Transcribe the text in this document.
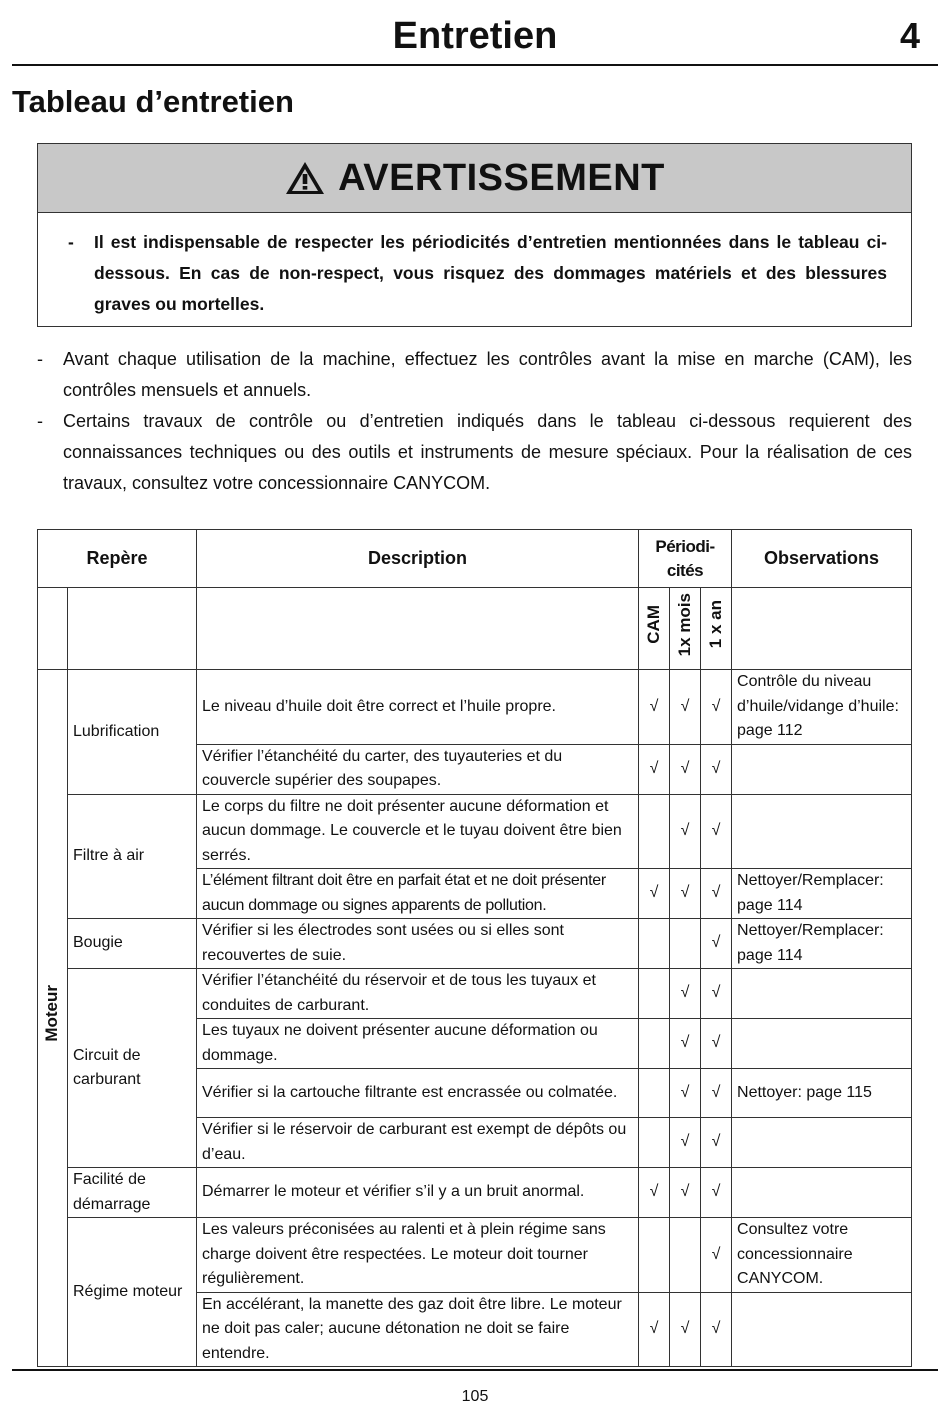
Entretien	4
Tableau d’entretien
AVERTISSEMENT
- Il est indispensable de respecter les périodicités d’entretien mentionnées dans le tableau ci-dessous. En cas de non-respect, vous risquez des dommages matériels et des blessures graves ou mortelles.
- Avant chaque utilisation de la machine, effectuez les contrôles avant la mise en marche (CAM), les contrôles mensuels et annuels.
- Certains travaux de contrôle ou d’entretien indiqués dans le tableau ci-dessous requierent des connaissances techniques ou des outils et instruments de mesure spéciaux. Pour la réalisation de ces travaux, consultez votre concessionnaire CANYCOM.
Repère		Description	Périodi-cités			Observations
			CAM	1x mois	1 x an	
Moteur	Lubrification	Le niveau d’huile doit être correct et l’huile propre.	√	√	√	Contrôle du niveau d’huile/vidange d’huile: page 112
		Vérifier l’étanchéité du carter, des tuyauteries et du couvercle supérier des soupapes.	√	√	√	
	Filtre à air	Le corps du filtre ne doit présenter aucune déformation et aucun dommage. Le couvercle et le tuyau doivent être bien serrés.		√	√	
		L’élément filtrant doit être en parfait état et ne doit présenter aucun dommage ou signes apparents de pollution.	√	√	√	Nettoyer/Remplacer: page 114
	Bougie	Vérifier si les électrodes sont usées ou si elles sont recouvertes de suie.			√	Nettoyer/Remplacer: page 114
	Circuit de carburant	Vérifier l’étanchéité du réservoir et de tous les tuyaux et conduites de carburant.		√	√	
		Les tuyaux ne doivent présenter aucune déformation ou dommage.		√	√	
		Vérifier si la cartouche filtrante est encrassée ou colmatée.		√	√	Nettoyer: page 115
		Vérifier si le réservoir de carburant est exempt de dépôts ou d’eau.		√	√	
	Facilité de démarrage	Démarrer le moteur et vérifier s’il y a un bruit anormal.	√	√	√	
	Régime moteur	Les valeurs préconisées au ralenti et à plein régime sans charge doivent être respectées. Le moteur doit tourner régulièrement.			√	Consultez votre concessionnaire CANYCOM.
		En accélérant, la manette des gaz doit être libre. Le moteur ne doit pas caler; aucune détonation ne doit se faire entendre.	√	√	√	
105
